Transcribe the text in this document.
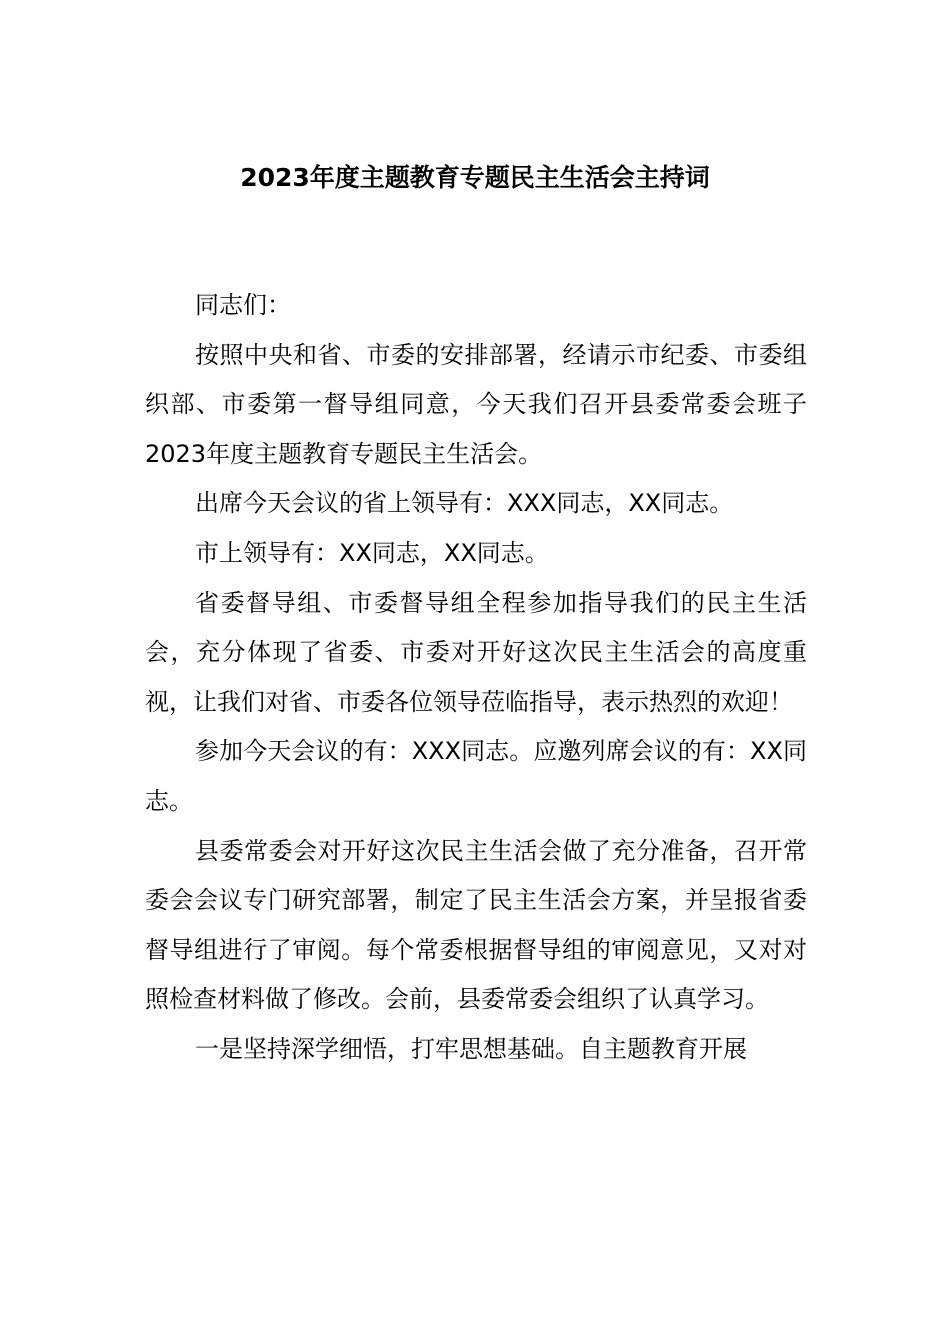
2023年度主题教育专题民主生活会主持词

同志们：

按照中央和省、市委的安排部署，经请示市纪委、市委组织部、市委第一督导组同意，今天我们召开县委常委会班子2023年度主题教育专题民主生活会。

出席今天会议的省上领导有：XXX同志，XX同志。

市上领导有：XX同志，XX同志。

省委督导组、市委督导组全程参加指导我们的民主生活会，充分体现了省委、市委对开好这次民主生活会的高度重视，让我们对省、市委各位领导莅临指导，表示热烈的欢迎！

参加今天会议的有：XXX同志。应邀列席会议的有：XX同志。

县委常委会对开好这次民主生活会做了充分准备，召开常委会会议专门研究部署，制定了民主生活会方案，并呈报省委督导组进行了审阅。每个常委根据督导组的审阅意见，又对对照检查材料做了修改。会前，县委常委会组织了认真学习。

一是坚持深学细悟，打牢思想基础。自主题教育开展
